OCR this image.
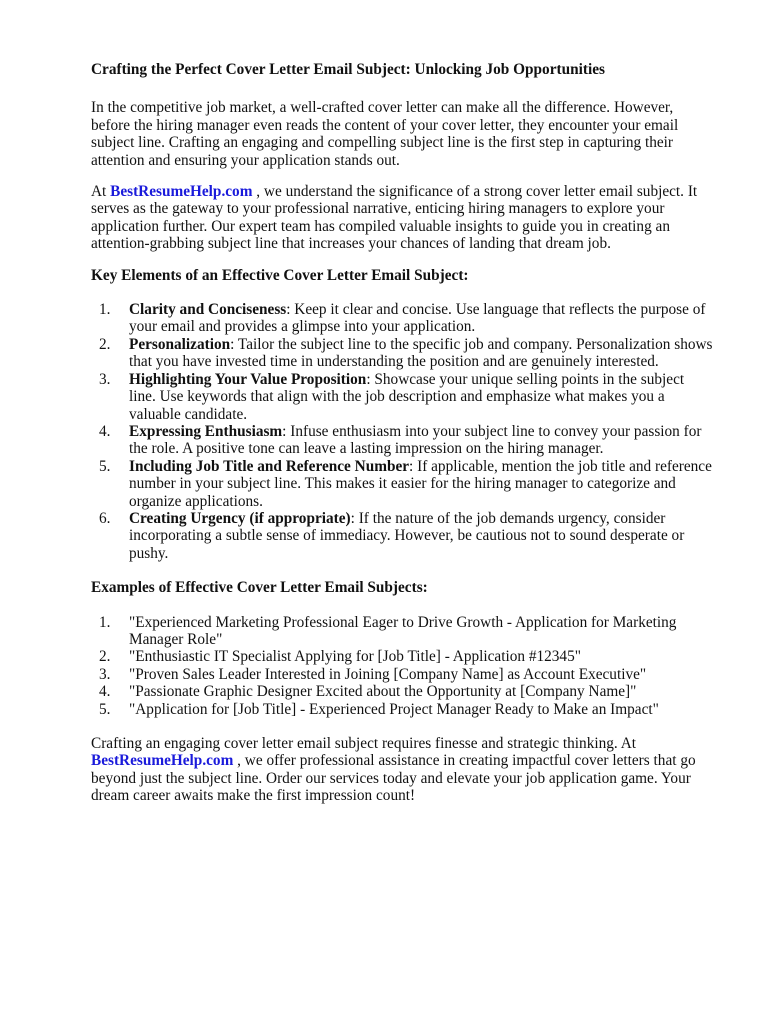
Crafting the Perfect Cover Letter Email Subject: Unlocking Job Opportunities

In the competitive job market, a well-crafted cover letter can make all the difference. However, before the hiring manager even reads the content of your cover letter, they encounter your email subject line. Crafting an engaging and compelling subject line is the first step in capturing their attention and ensuring your application stands out.

At BestResumeHelp.com , we understand the significance of a strong cover letter email subject. It serves as the gateway to your professional narrative, enticing hiring managers to explore your application further. Our expert team has compiled valuable insights to guide you in creating an attention-grabbing subject line that increases your chances of landing that dream job.

Key Elements of an Effective Cover Letter Email Subject:
1. Clarity and Conciseness: Keep it clear and concise. Use language that reflects the purpose of your email and provides a glimpse into your application.
2. Personalization: Tailor the subject line to the specific job and company. Personalization shows that you have invested time in understanding the position and are genuinely interested.
3. Highlighting Your Value Proposition: Showcase your unique selling points in the subject line. Use keywords that align with the job description and emphasize what makes you a valuable candidate.
4. Expressing Enthusiasm: Infuse enthusiasm into your subject line to convey your passion for the role. A positive tone can leave a lasting impression on the hiring manager.
5. Including Job Title and Reference Number: If applicable, mention the job title and reference number in your subject line. This makes it easier for the hiring manager to categorize and organize applications.
6. Creating Urgency (if appropriate): If the nature of the job demands urgency, consider incorporating a subtle sense of immediacy. However, be cautious not to sound desperate or pushy.
Examples of Effective Cover Letter Email Subjects:
1. "Experienced Marketing Professional Eager to Drive Growth - Application for Marketing Manager Role"
2. "Enthusiastic IT Specialist Applying for [Job Title] - Application #12345"
3. "Proven Sales Leader Interested in Joining [Company Name] as Account Executive"
4. "Passionate Graphic Designer Excited about the Opportunity at [Company Name]"
5. "Application for [Job Title] - Experienced Project Manager Ready to Make an Impact"

Crafting an engaging cover letter email subject requires finesse and strategic thinking. At BestResumeHelp.com , we offer professional assistance in creating impactful cover letters that go beyond just the subject line. Order our services today and elevate your job application game. Your dream career awaits make the first impression count!
